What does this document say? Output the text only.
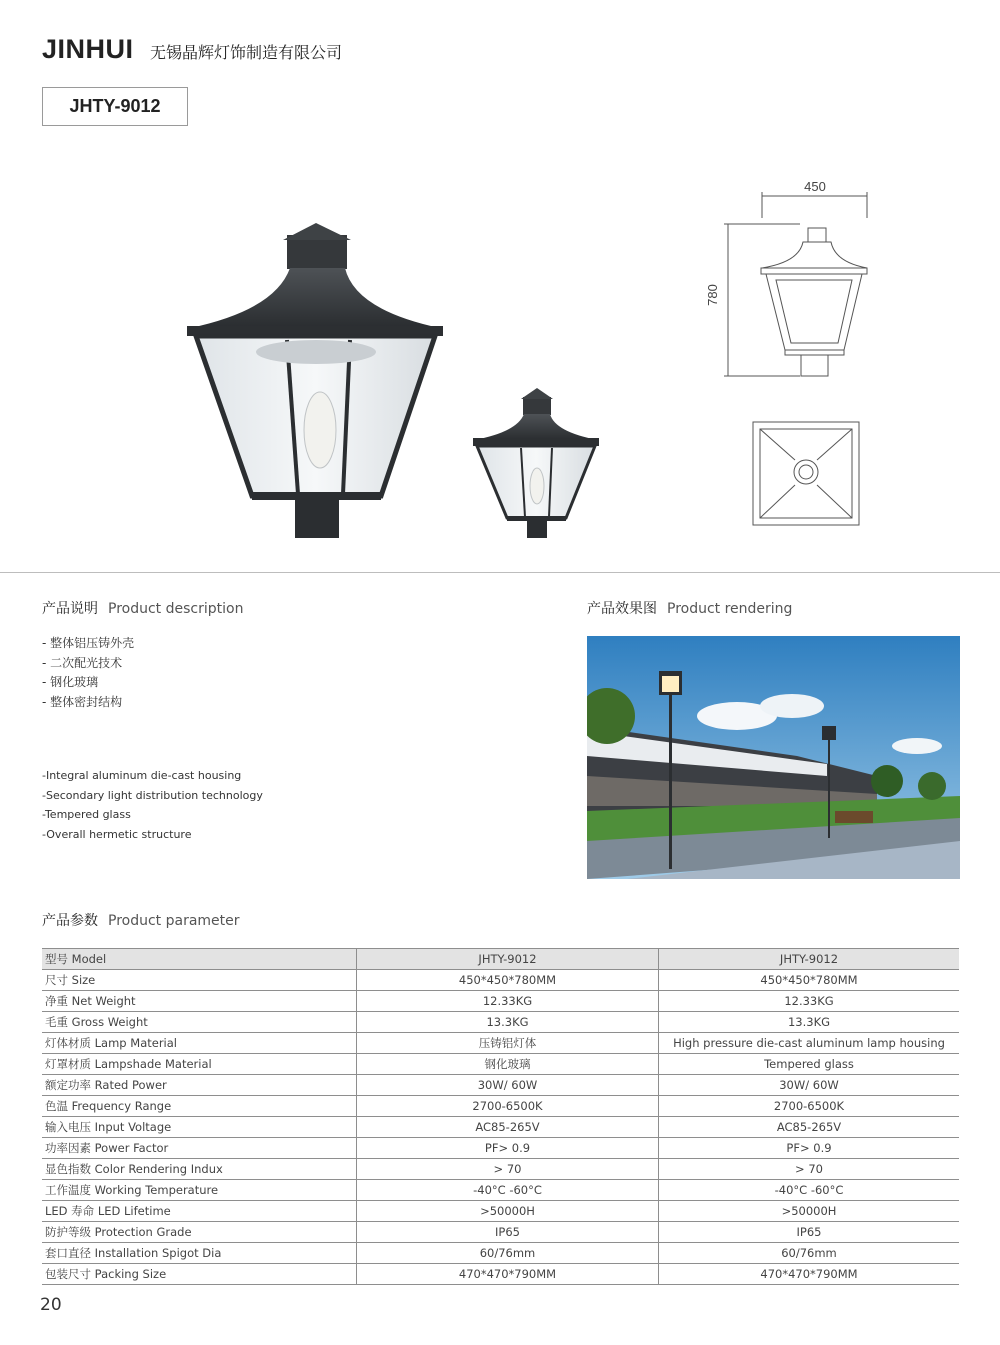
JINHUI 无锡晶辉灯饰制造有限公司
JHTY-9012
450
780
产品说明 Product description
- 整体铝压铸外壳
- 二次配光技术
- 钢化玻璃
- 整体密封结构
-Integral aluminum die-cast housing
-Secondary light distribution technology
-Tempered glass
-Overall hermetic structure
产品效果图 Product rendering
产品参数 Product parameter
型号 Model	JHTY-9012	JHTY-9012
尺寸 Size	450*450*780MM	450*450*780MM
净重 Net Weight	12.33KG	12.33KG
毛重 Gross Weight	13.3KG	13.3KG
灯体材质 Lamp Material	压铸铝灯体	High pressure die-cast aluminum lamp housing
灯罩材质 Lampshade Material	钢化玻璃	Tempered glass
额定功率 Rated Power	30W/ 60W	30W/ 60W
色温 Frequency Range	2700-6500K	2700-6500K
输入电压 Input Voltage	AC85-265V	AC85-265V
功率因素 Power Factor	PF> 0.9	PF> 0.9
显色指数 Color Rendering Indux	> 70	> 70
工作温度 Working Temperature	-40°C -60°C	-40°C -60°C
LED 寿命 LED Lifetime	>50000H	>50000H
防护等级 Protection Grade	IP65	IP65
套口直径 Installation Spigot Dia	60/76mm	60/76mm
包装尺寸 Packing Size	470*470*790MM	470*470*790MM
20
